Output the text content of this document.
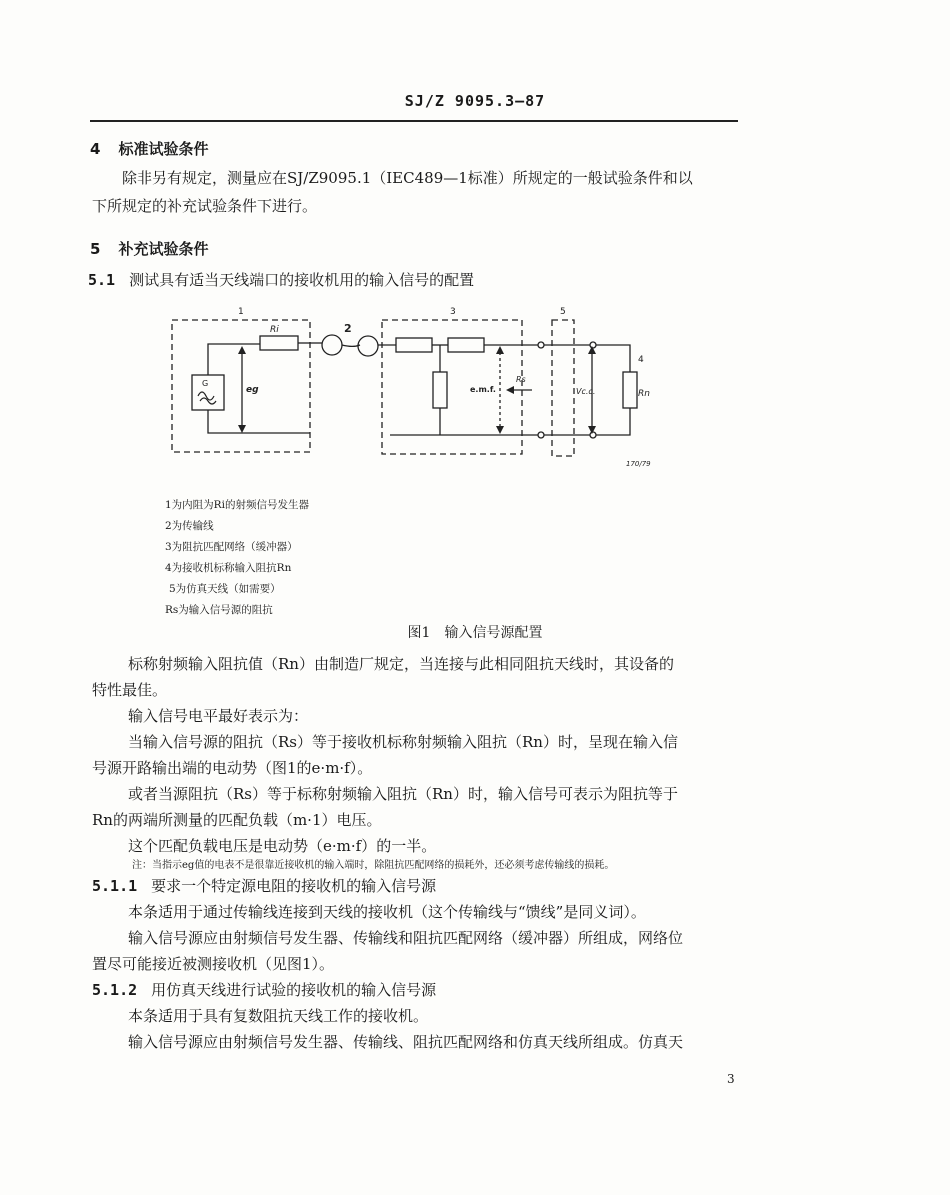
SJ/Z 9095.3—87
4 标准试验条件
除非另有规定，测量应在SJ/Z9095.1（IEC489—1标准）所规定的一般试验条件和以
下所规定的补充试验条件下进行。
5 补充试验条件
5.1 测试具有适当天线端口的接收机用的输入信号的配置
1
2
3	5
4
Ri
G
eg	e.m.f.
Rs
Vc.c.	Rn
170/79
1为内阻为Ri的射频信号发生器
2为传输线
3为阻抗匹配网络（缓冲器）
4为接收机标称输入阻抗Rn
5为仿真天线（如需要）
Rs为输入信号源的阻抗
图1　输入信号源配置
标称射频输入阻抗值（Rn）由制造厂规定，当连接与此相同阻抗天线时，其设备的
特性最佳。
输入信号电平最好表示为：
当输入信号源的阻抗（Rs）等于接收机标称射频输入阻抗（Rn）时，呈现在输入信
号源开路输出端的电动势（图1的e·m·f）。
或者当源阻抗（Rs）等于标称射频输入阻抗（Rn）时，输入信号可表示为阻抗等于
Rn的两端所测量的匹配负载（m·1）电压。
这个匹配负载电压是电动势（e·m·f）的一半。
注：当指示eg值的电表不是很靠近接收机的输入端时，除阻抗匹配网络的损耗外，还必须考虑传输线的损耗。
5.1.1 要求一个特定源电阻的接收机的输入信号源
本条适用于通过传输线连接到天线的接收机（这个传输线与“馈线”是同义词）。
输入信号源应由射频信号发生器、传输线和阻抗匹配网络（缓冲器）所组成，网络位
置尽可能接近被测接收机（见图1）。
5.1.2 用仿真天线进行试验的接收机的输入信号源
本条适用于具有复数阻抗天线工作的接收机。
输入信号源应由射频信号发生器、传输线、阻抗匹配网络和仿真天线所组成。仿真天
3
